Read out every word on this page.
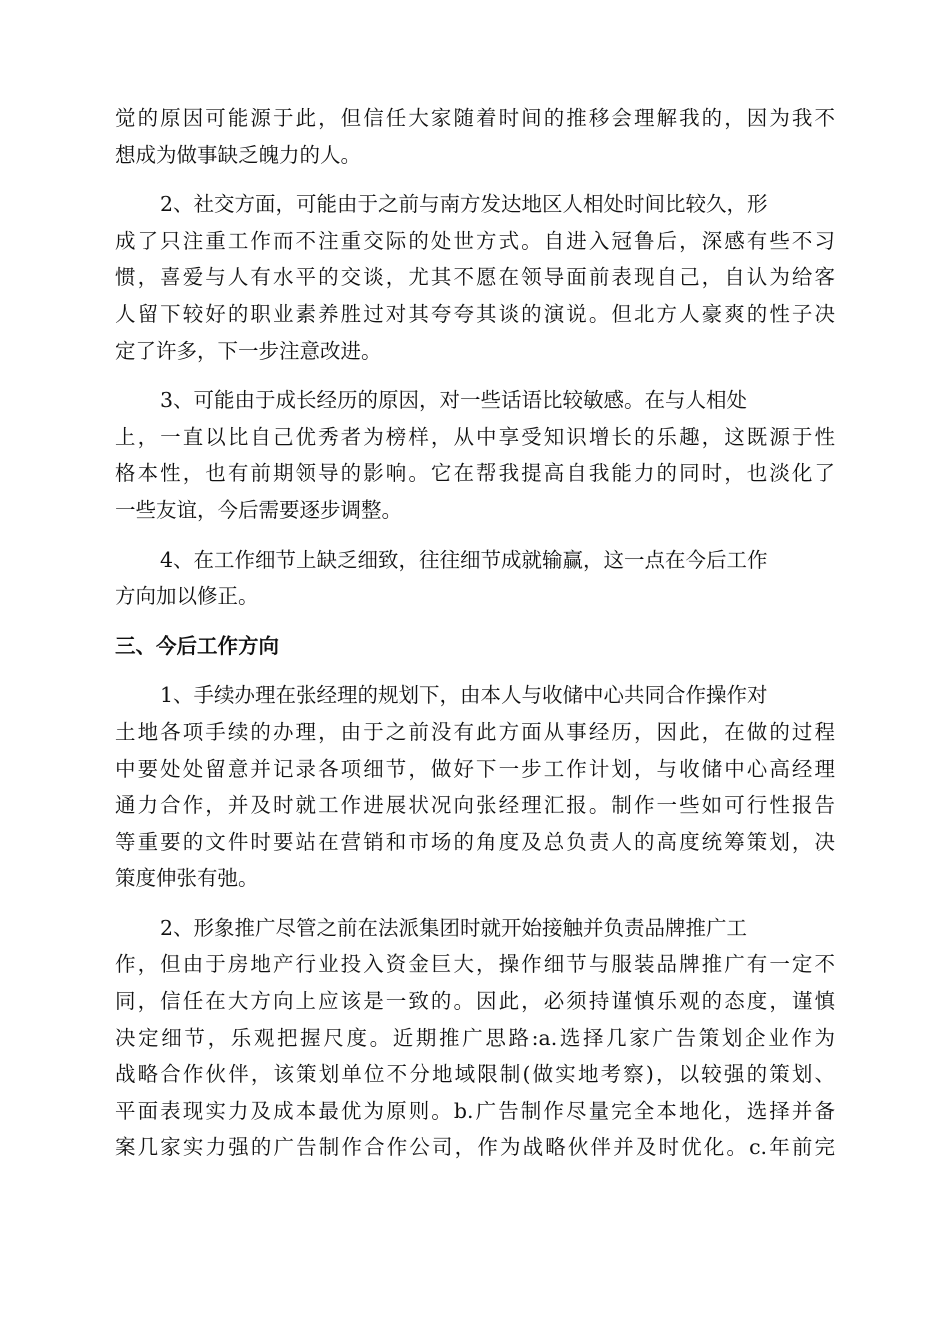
觉的原因可能源于此，但信任大家随着时间的推移会理解我的，因为我不
想成为做事缺乏魄力的人。
2、社交方面，可能由于之前与南方发达地区人相处时间比较久，形
成了只注重工作而不注重交际的处世方式。自进入冠鲁后，深感有些不习
惯，喜爱与人有水平的交谈，尤其不愿在领导面前表现自己，自认为给客
人留下较好的职业素养胜过对其夸夸其谈的演说。但北方人豪爽的性子决
定了许多，下一步注意改进。
3、可能由于成长经历的原因，对一些话语比较敏感。在与人相处
上，一直以比自己优秀者为榜样，从中享受知识增长的乐趣，这既源于性
格本性，也有前期领导的影响。它在帮我提高自我能力的同时，也淡化了
一些友谊，今后需要逐步调整。
4、在工作细节上缺乏细致，往往细节成就输赢，这一点在今后工作
方向加以修正。
三、今后工作方向
1、手续办理在张经理的规划下，由本人与收储中心共同合作操作对
土地各项手续的办理，由于之前没有此方面从事经历，因此，在做的过程
中要处处留意并记录各项细节，做好下一步工作计划，与收储中心高经理
通力合作，并及时就工作进展状况向张经理汇报。制作一些如可行性报告
等重要的文件时要站在营销和市场的角度及总负责人的高度统筹策划，决
策度伸张有弛。
2、形象推广尽管之前在法派集团时就开始接触并负责品牌推广工
作，但由于房地产行业投入资金巨大，操作细节与服装品牌推广有一定不
同，信任在大方向上应该是一致的。因此，必须持谨慎乐观的态度，谨慎
决定细节，乐观把握尺度。近期推广思路:a.选择几家广告策划企业作为
战略合作伙伴，该策划单位不分地域限制(做实地考察)，以较强的策划、
平面表现实力及成本最优为原则。b.广告制作尽量完全本地化，选择并备
案几家实力强的广告制作合作公司，作为战略伙伴并及时优化。c.年前完
